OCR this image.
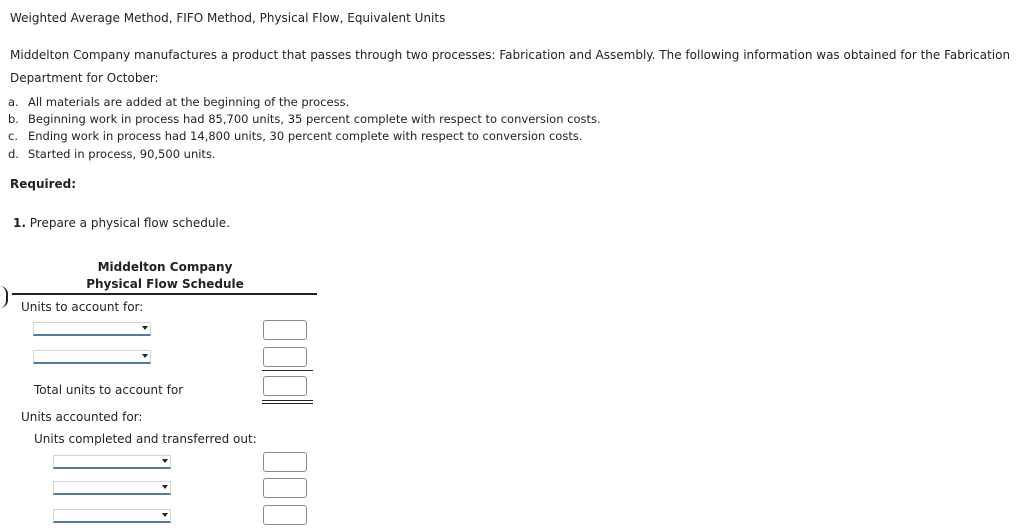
Weighted Average Method, FIFO Method, Physical Flow, Equivalent Units
Middelton Company manufactures a product that passes through two processes: Fabrication and Assembly. The following information was obtained for the Fabrication Department for October:
a. All materials are added at the beginning of the process.
b. Beginning work in process had 85,700 units, 35 percent complete with respect to conversion costs.
c. Ending work in process had 14,800 units, 30 percent complete with respect to conversion costs.
d. Started in process, 90,500 units.
Required:
1. Prepare a physical flow schedule.
Middelton Company
Physical Flow Schedule
Units to account for:
Total units to account for
Units accounted for:
Units completed and transferred out:
